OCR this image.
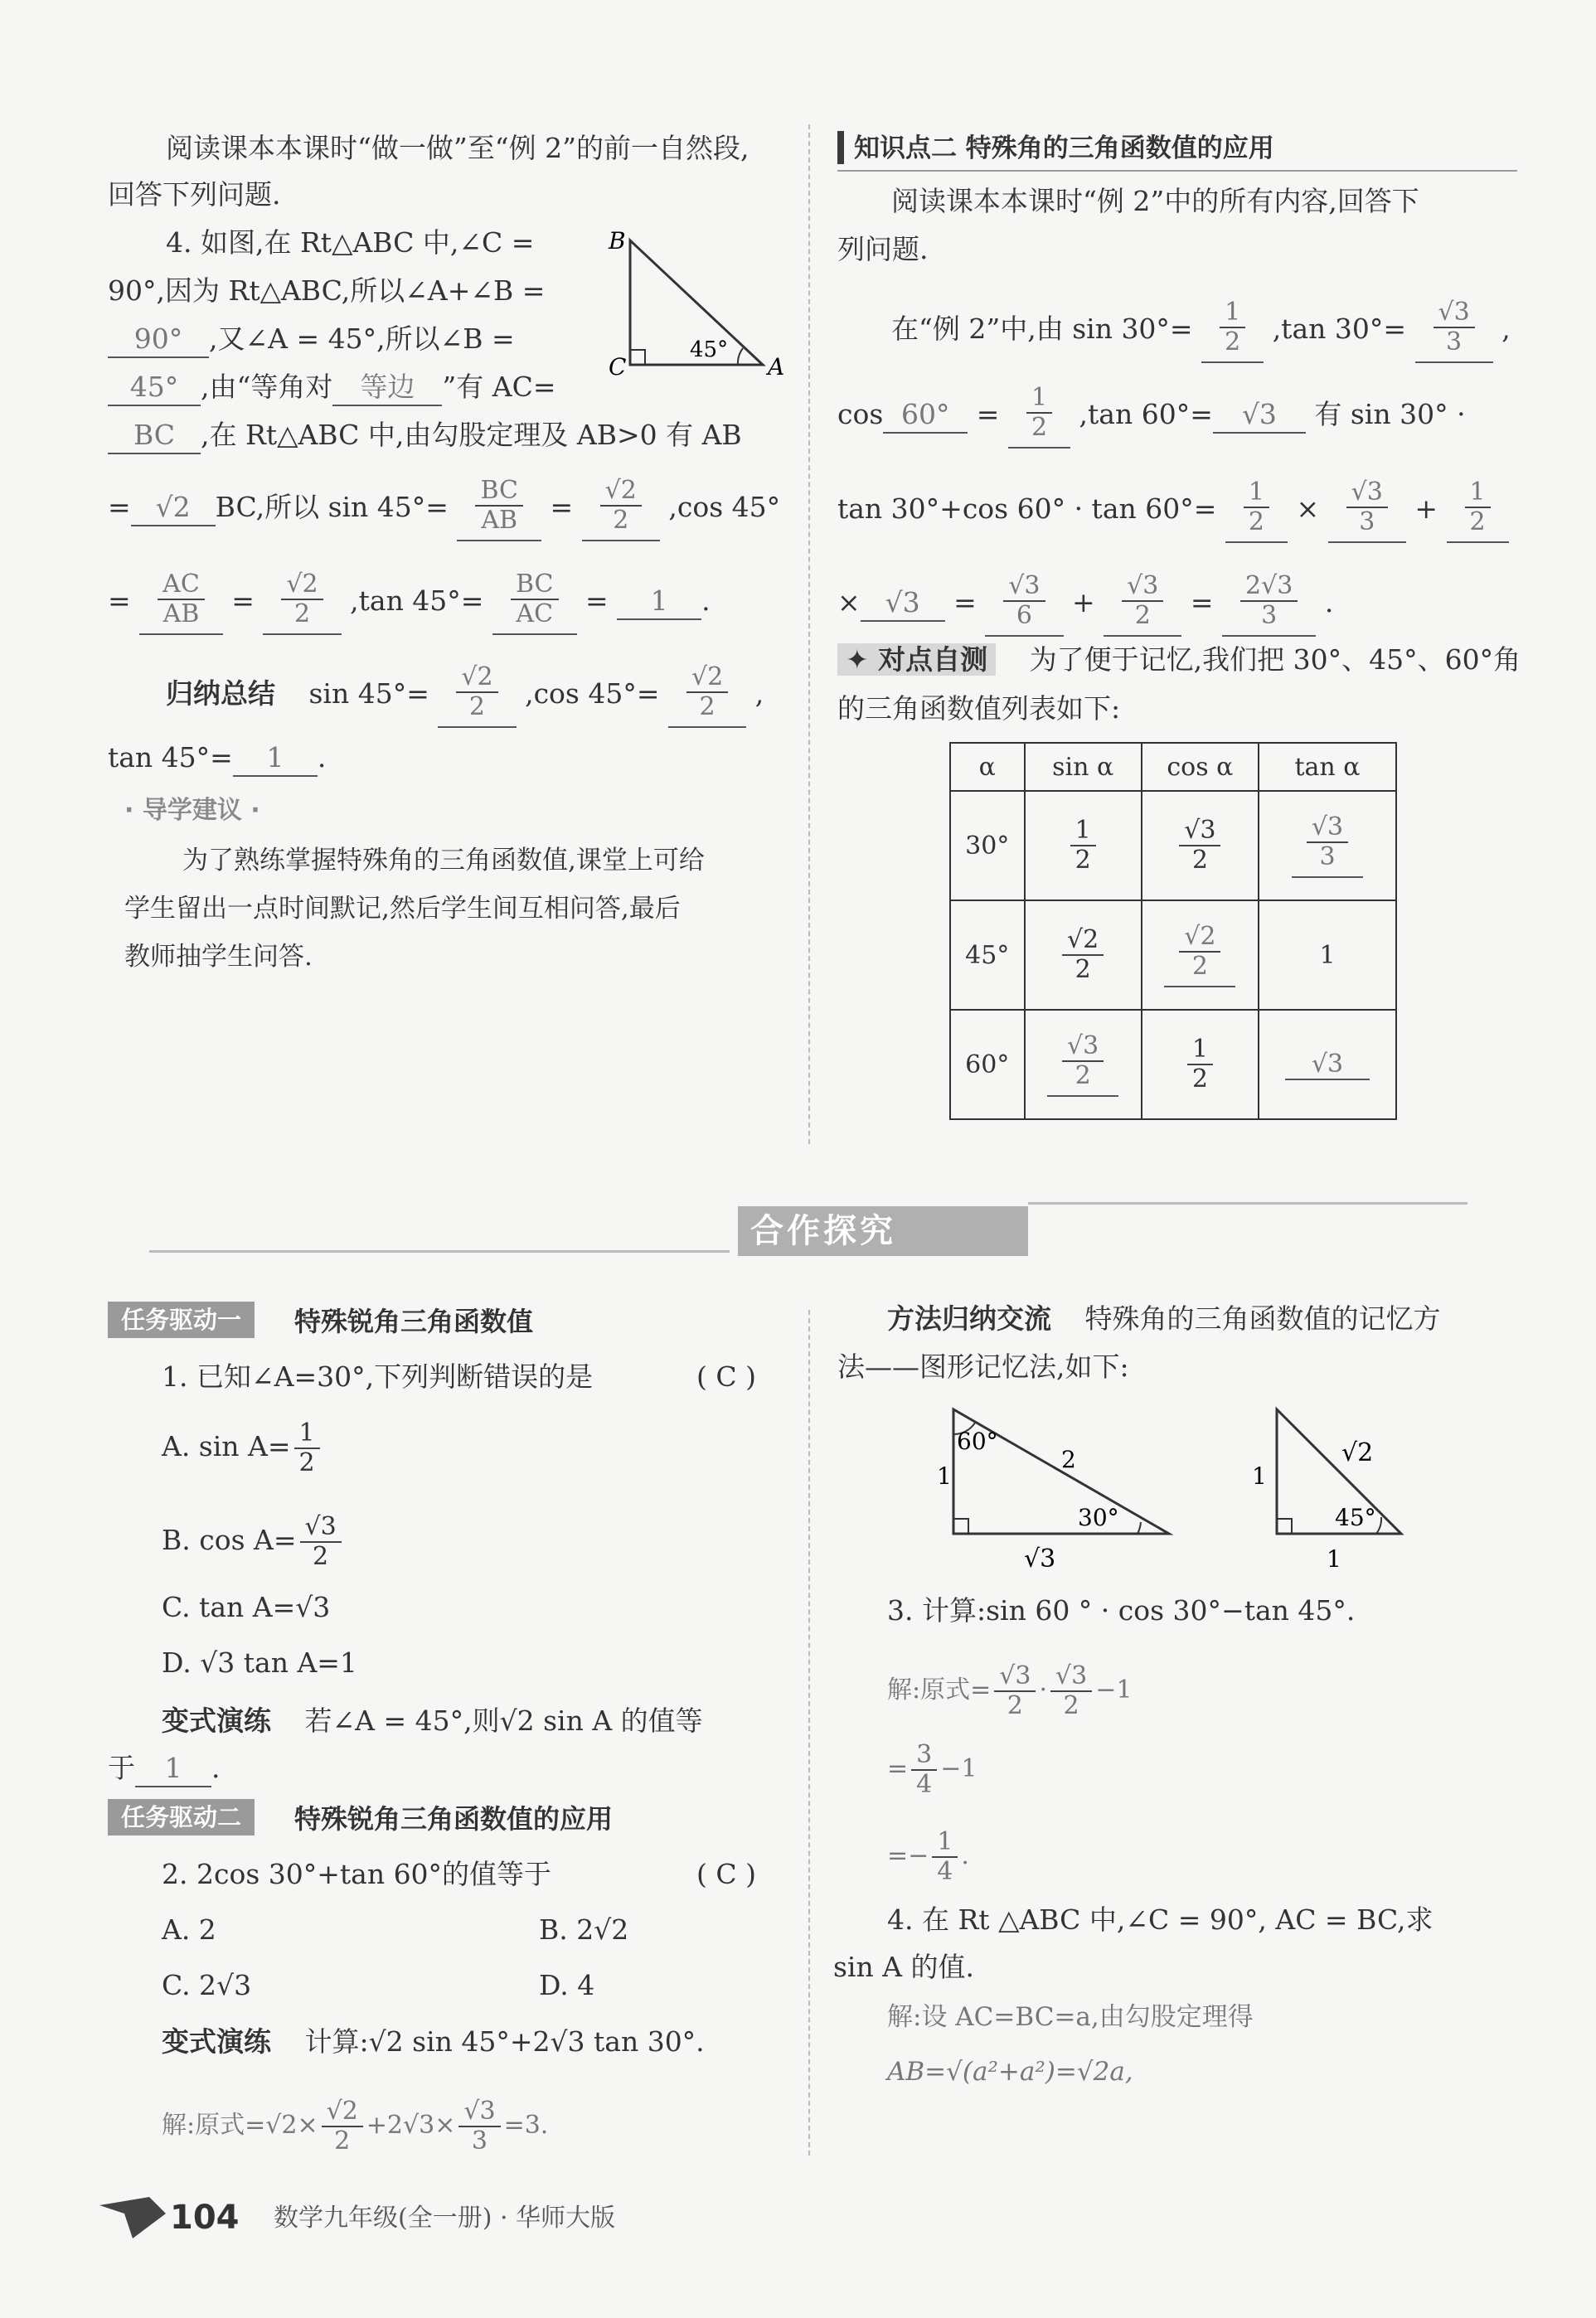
阅读课本本课时“做一做”至“例 2”的前一自然段,
回答下列问题.
4. 如图,在 Rt△ABC 中,∠C =
90°,因为 Rt△ABC,所以∠A+∠B =
90° ,又∠A = 45°,所以∠B =
45° ,由“等角对 等边 ”有 AC=
BC ,在 Rt△ABC 中,由勾股定理及 AB>0 有 AB
= √2 BC,所以 $\sin 45^\circ= \frac{BC}{AB} = \frac{√2}{2} ,\cos$ 45°
= $\frac{AC}{AB} = \frac{√2}{2} ,\tan$ $45^\circ= \frac{BC}{AC} = 1$ .
归纳总结 $\sin 45^\circ= \frac{√2}{2} ,\cos$ $45^\circ= \frac{√2}{2}$ ,
tan 45°= 1 .
· 导学建议 ·
为了熟练掌握特殊角的三角函数值,课堂上可给
学生留出一点时间默记,然后学生间互相问答,最后
教师抽学生问答.
B
C	A
45°
知识点二 特殊角的三角函数值的应用
阅读课本本课时“例 2”中的所有内容,回答下
列问题.
在“例 2”中,由 $\sin 30^\circ= \frac{1}{2} ,\tan$ $30^\circ= \frac{√3}{3}$ ,
$\cos 60^\circ = \frac{1}{2} ,\tan$ 60°= √3 有 sin 30° ·
tan 30°+cos $60^\circ \cdot \tan 60^\circ= \frac{1}{2} \times \frac{√3}{3} + \frac{1}{2}$
× $√3 = \frac{√3}{6} + \frac{√3}{2} = \frac{2√3}{3}$ .
✦ 对点自测 为了便于记忆,我们把 30°、45°、60°角
的三角函数值列表如下:
α	sin α	cos α	tan α
30°	$\frac{1}{2}$	$\frac{√3}{2}$	$\frac{√3}{3}$

45°	$\frac{√2}{2}$	$\frac{√2}{2}$	1
60°	$\frac{√3}{2}$	$\frac{1}{2}$	√3
合作探究
任务驱动一	特殊锐角三角函数值
1. 已知∠A=30°,下列判断错误的是	( C )
A. $\sin A= \frac{1}{2}$
B. $\cos A= \frac{√3}{2}$
C. tan A=√3
D. √3 tan A=1
变式演练 若∠A = 45°,则√2 sin A 的值等
于 1 .
任务驱动二	特殊锐角三角函数值的应用
2. 2cos 30°+tan 60°的值等于	( C )
A. 2	B. 2√2
C. 2√3	D. 4
变式演练 计算:√2 sin 45°+2√3 tan 30°.
解:原式$=√2\times \frac{√2}{2} +2√3\times \frac{√3}{3} =3$.
方法归纳交流 特殊角的三角函数值的记忆方
法——图形记忆法,如下:
60°
30°
1
2
√3
45°
1
1
√2
3. 计算:sin 60 ° · cos 30°−tan 45°.
解:原式= $\frac{√3}{2} \cdot \frac{√3}{2} -1$
= $\frac{3}{4} -1$
=− $\frac{1}{4}$ .
4. 在 Rt △ABC 中,∠C = 90°, AC = BC,求
sin A 的值.
解:设 AC=BC=a,由勾股定理得
AB=√(a²+a²)=√2a,
104 数学九年级(全一册) · 华师大版
